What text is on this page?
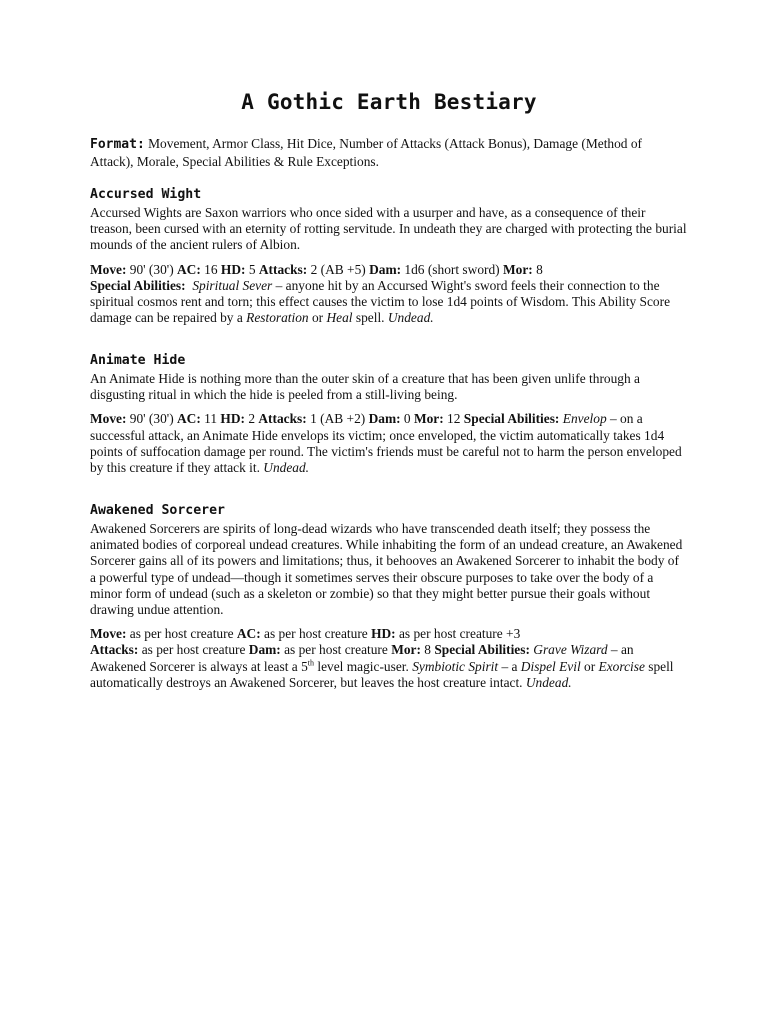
A Gothic Earth Bestiary

Format: Movement, Armor Class, Hit Dice, Number of Attacks (Attack Bonus), Damage (Method of Attack), Morale, Special Abilities & Rule Exceptions.

Accursed Wight

Accursed Wights are Saxon warriors who once sided with a usurper and have, as a consequence of their treason, been cursed with an eternity of rotting servitude. In undeath they are charged with protecting the burial mounds of the ancient rulers of Albion.

Move: 90' (30') AC: 16 HD: 5 Attacks: 2 (AB +5) Dam: 1d6 (short sword) Mor: 8
Special Abilities: Spiritual Sever – anyone hit by an Accursed Wight's sword feels their connection to the spiritual cosmos rent and torn; this effect causes the victim to lose 1d4 points of Wisdom. This Ability Score damage can be repaired by a Restoration or Heal spell. Undead.

Animate Hide

An Animate Hide is nothing more than the outer skin of a creature that has been given unlife through a disgusting ritual in which the hide is peeled from a still-living being.

Move: 90' (30') AC: 11 HD: 2 Attacks: 1 (AB +2) Dam: 0 Mor: 12 Special Abilities: Envelop – on a successful attack, an Animate Hide envelops its victim; once enveloped, the victim automatically takes 1d4 points of suffocation damage per round. The victim's friends must be careful not to harm the person enveloped by this creature if they attack it. Undead.

Awakened Sorcerer

Awakened Sorcerers are spirits of long-dead wizards who have transcended death itself; they possess the animated bodies of corporeal undead creatures. While inhabiting the form of an undead creature, an Awakened Sorcerer gains all of its powers and limitations; thus, it behooves an Awakened Sorcerer to inhabit the body of a powerful type of undead—though it sometimes serves their obscure purposes to take over the body of a minor form of undead (such as a skeleton or zombie) so that they might better pursue their goals without drawing undue attention.

Move: as per host creature AC: as per host creature HD: as per host creature +3
Attacks: as per host creature Dam: as per host creature Mor: 8 Special Abilities: Grave Wizard – an Awakened Sorcerer is always at least a 5th level magic-user. Symbiotic Spirit – a Dispel Evil or Exorcise spell automatically destroys an Awakened Sorcerer, but leaves the host creature intact. Undead.
